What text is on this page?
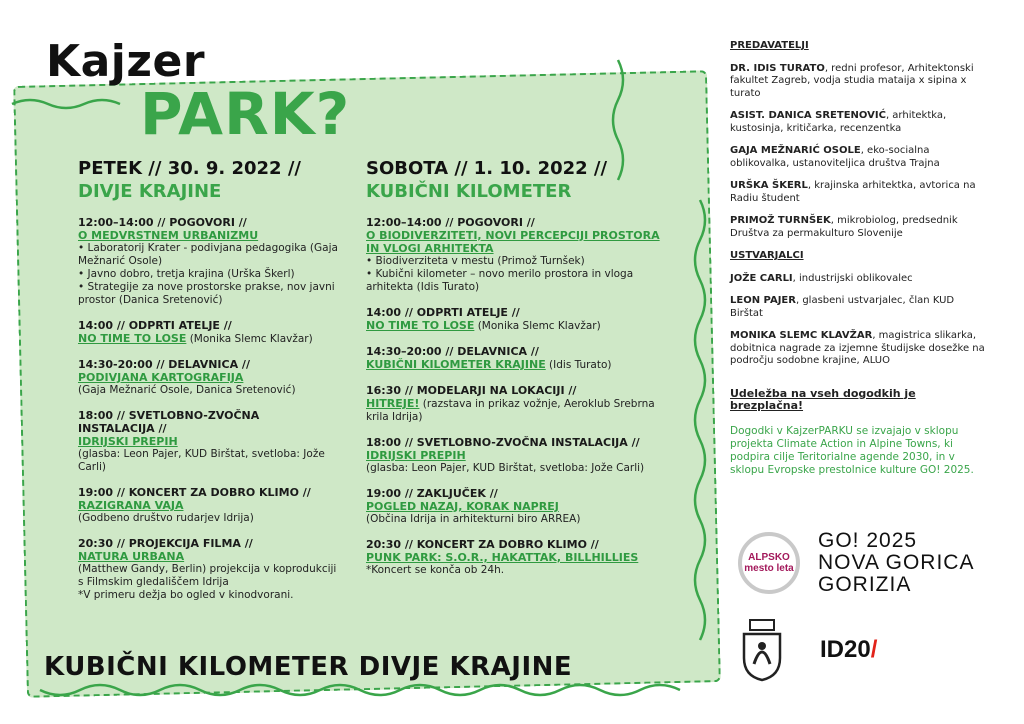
Kajzer
PARK?
PETEK // 30. 9. 2022 //
DIVJE KRAJINE
12:00–14:00 // POGOVORI //
O MEDVRSTNEM URBANIZMU
• Laboratorij Krater - podivjana pedagogika (Gaja Mežnarić Osole)
• Javno dobro, tretja krajina (Urška Škerl)
• Strategije za nove prostorske prakse, nov javni prostor (Danica Sretenović)
14:00 // ODPRTI ATELJE //
NO TIME TO LOSE (Monika Slemc Klavžar)
14:30-20:00 // DELAVNICA //
PODIVJANA KARTOGRAFIJA
(Gaja Mežnarić Osole, Danica Sretenović)
18:00 // SVETLOBNO-ZVOČNA INSTALACIJA //
IDRIJSKI PREPIH
(glasba: Leon Pajer, KUD Birštat, svetloba: Jože Carli)
19:00 // KONCERT ZA DOBRO KLIMO //
RAZIGRANA VAJA
(Godbeno društvo rudarjev Idrija)
20:30 // PROJEKCIJA FILMA //
NATURA URBANA
(Matthew Gandy, Berlin) projekcija v koprodukciji s Filmskim gledališčem Idrija
*V primeru dežja bo ogled v kinodvorani.
SOBOTA // 1. 10. 2022 //
KUBIČNI KILOMETER
12:00–14:00 // POGOVORI //
O BIODIVERZITETI, NOVI PERCEPCIJI PROSTORA IN VLOGI ARHITEKTA
• Biodiverziteta v mestu (Primož Turnšek)
• Kubični kilometer – novo merilo prostora in vloga arhitekta (Idis Turato)
14:00 // ODPRTI ATELJE //
NO TIME TO LOSE (Monika Slemc Klavžar)
14:30–20:00 // DELAVNICA //
KUBIČNI KILOMETER KRAJINE (Idis Turato)
16:30 // MODELARJI NA LOKACIJI //
HITREJE! (razstava in prikaz vožnje, Aeroklub Srebrna krila Idrija)
18:00 // SVETLOBNO-ZVOČNA INSTALACIJA //
IDRIJSKI PREPIH
(glasba: Leon Pajer, KUD Birštat, svetloba: Jože Carli)
19:00 // ZAKLJUČEK //
POGLED NAZAJ, KORAK NAPREJ
(Občina Idrija in arhitekturni biro ARREA)
20:30 // KONCERT ZA DOBRO KLIMO //
PUNK PARK: S.O.R., HAKATTAK, BILLHILLIES
*Koncert se konča ob 24h.
KUBIČNI KILOMETER DIVJE KRAJINE
PREDAVATELJI
DR. IDIS TURATO, redni profesor, Arhitektonski fakultet Zagreb, vodja studia mataija x sipina x turato
ASIST. DANICA SRETENOVIĆ, arhitektka, kustosinja, kritičarka, recenzentka
GAJA MEŽNARIĆ OSOLE, eko-socialna oblikovalka, ustanoviteljica društva Trajna
URŠKA ŠKERL, krajinska arhitektka, avtorica na Radiu študent
PRIMOŽ TURNŠEK, mikrobiolog, predsednik Društva za permakulturo Slovenije
USTVARJALCI
JOŽE CARLI, industrijski oblikovalec
LEON PAJER, glasbeni ustvarjalec, član KUD Birštat
MONIKA SLEMC KLAVŽAR, magistrica slikarka, dobitnica nagrade za izjemne študijske dosežke na področju sodobne krajine, ALUO
Udeležba na vseh dogodkih je brezplačna!
Dogodki v KajzerPARKU se izvajajo v sklopu projekta Climate Action in Alpine Towns, ki podpira cilje Teritorialne agende 2030, in v sklopu Evropske prestolnice kulture GO! 2025.
ALPSKO mesto leta
GO! 2025
NOVA GORICA
GORIZIA
ID20/
